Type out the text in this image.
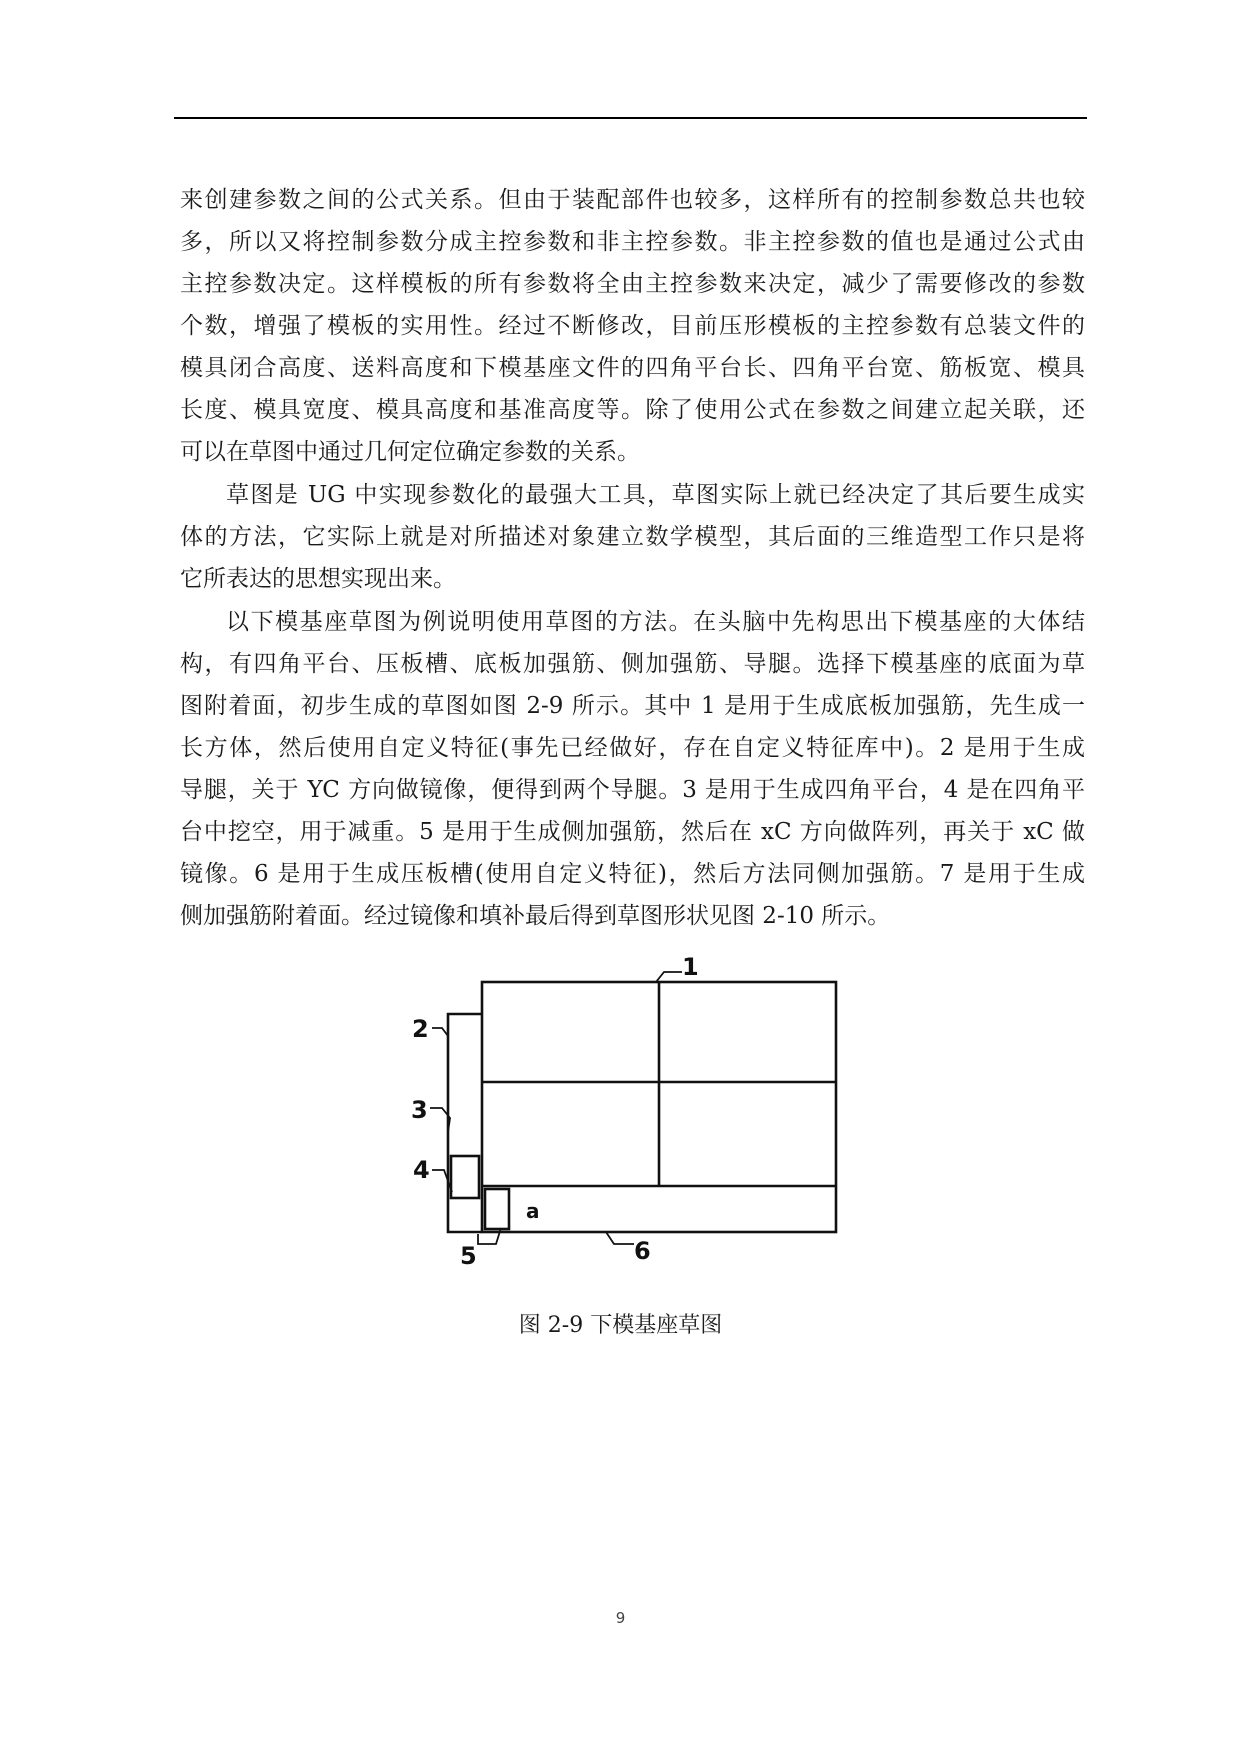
来创建参数之间的公式关系。但由于装配部件也较多，这样所有的控制参数总共也较
多，所以又将控制参数分成主控参数和非主控参数。非主控参数的值也是通过公式由
主控参数决定。这样模板的所有参数将全由主控参数来决定，减少了需要修改的参数
个数，增强了模板的实用性。经过不断修改，目前压形模板的主控参数有总装文件的
模具闭合高度、送料高度和下模基座文件的四角平台长、四角平台宽、筋板宽、模具
长度、模具宽度、模具高度和基准高度等。除了使用公式在参数之间建立起关联，还
可以在草图中通过几何定位确定参数的关系。
草图是 UG 中实现参数化的最强大工具，草图实际上就已经决定了其后要生成实
体的方法，它实际上就是对所描述对象建立数学模型，其后面的三维造型工作只是将
它所表达的思想实现出来。
以下模基座草图为例说明使用草图的方法。在头脑中先构思出下模基座的大体结
构，有四角平台、压板槽、底板加强筋、侧加强筋、导腿。选择下模基座的底面为草
图附着面，初步生成的草图如图 2-9 所示。其中 1 是用于生成底板加强筋，先生成一
长方体，然后使用自定义特征(事先已经做好，存在自定义特征库中)。2 是用于生成
导腿，关于 YC 方向做镜像，便得到两个导腿。3 是用于生成四角平台，4 是在四角平
台中挖空，用于减重。5 是用于生成侧加强筋，然后在 xC 方向做阵列，再关于 xC 做
镜像。6 是用于生成压板槽(使用自定义特征)，然后方法同侧加强筋。7 是用于生成
侧加强筋附着面。经过镜像和填补最后得到草图形状见图 2-10 所示。
1
2
3
4
5	6
a
图 2-9 下模基座草图
9
